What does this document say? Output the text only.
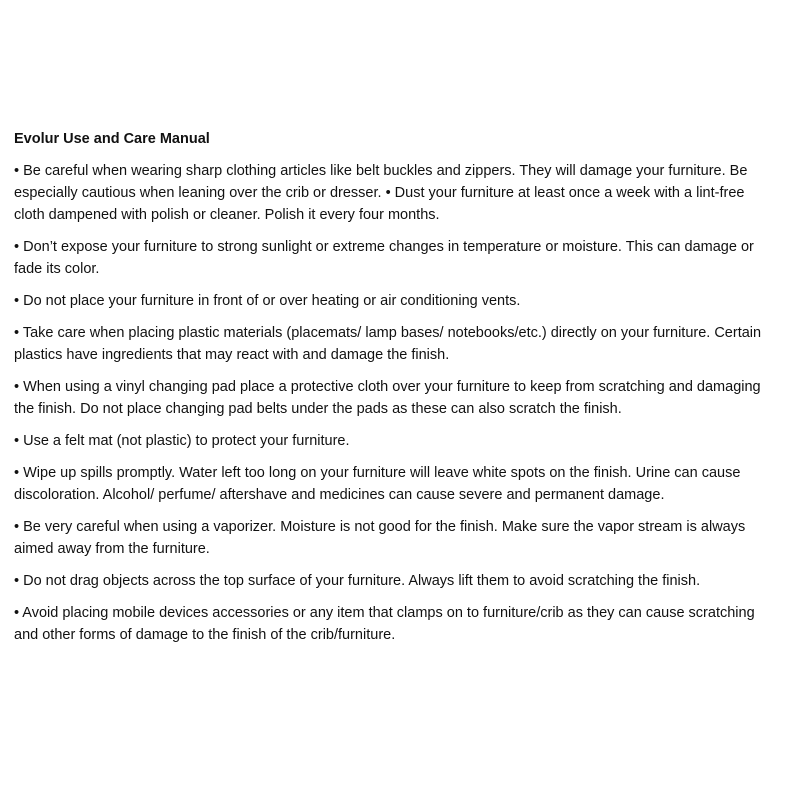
Evolur Use and Care Manual
• Be careful when wearing sharp clothing articles like belt buckles and zippers. They will damage your furniture. Be especially cautious when leaning over the crib or dresser. • Dust your furniture at least once a week with a lint-free cloth dampened with polish or cleaner. Polish it every four months.
• Don’t expose your furniture to strong sunlight or extreme changes in temperature or moisture. This can damage or fade its color.
• Do not place your furniture in front of or over heating or air conditioning vents.
• Take care when placing plastic materials (placemats/ lamp bases/ notebooks/etc.) directly on your furniture. Certain plastics have ingredients that may react with and damage the finish.
• When using a vinyl changing pad place a protective cloth over your furniture to keep from scratching and damaging the finish. Do not place changing pad belts under the pads as these can also scratch the finish.
• Use a felt mat (not plastic) to protect your furniture.
• Wipe up spills promptly. Water left too long on your furniture will leave white spots on the finish. Urine can cause discoloration. Alcohol/ perfume/ aftershave and medicines can cause severe and permanent damage.
• Be very careful when using a vaporizer. Moisture is not good for the finish. Make sure the vapor stream is always aimed away from the furniture.
• Do not drag objects across the top surface of your furniture. Always lift them to avoid scratching the finish.
• Avoid placing mobile devices accessories or any item that clamps on to furniture/crib as they can cause scratching and other forms of damage to the finish of the crib/furniture.
